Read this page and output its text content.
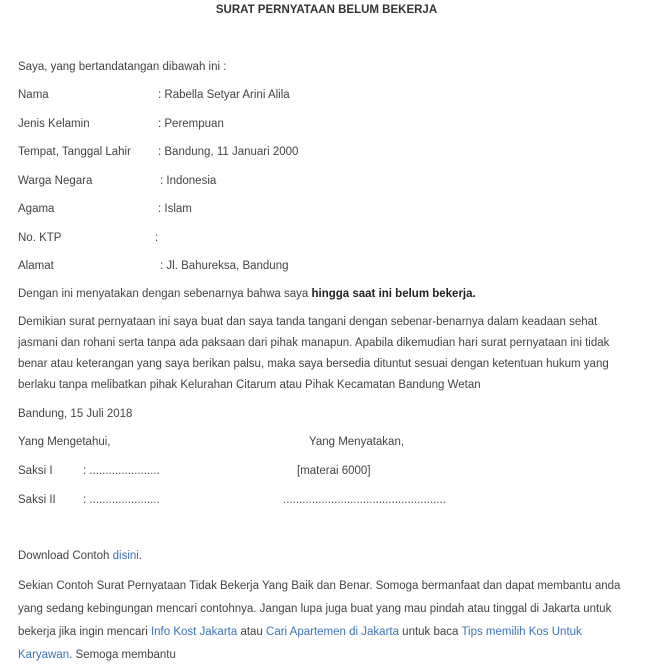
SURAT PERNYATAAN BELUM BEKERJA
Saya, yang bertandatangan dibawah ini :
Nama	: Rabella Setyar Arini Alila
Jenis Kelamin	: Perempuan
Tempat, Tanggal Lahir : Bandung, 11 Januari 2000
Warga Negara	: Indonesia
Agama	: Islam
No. KTP	:
Alamat	: Jl. Bahureksa, Bandung
Dengan ini menyatakan dengan sebenarnya bahwa saya hingga saat ini belum bekerja.
Demikian surat pernyataan ini saya buat dan saya tanda tangani dengan sebenar-benarnya dalam keadaan sehat jasmani dan rohani serta tanpa ada paksaan dari pihak manapun. Apabila dikemudian hari surat pernyataan ini tidak benar atau keterangan yang saya berikan palsu, maka saya bersedia dituntut sesuai dengan ketentuan hukum yang berlaku tanpa melibatkan pihak Kelurahan Citarum atau Pihak Kecamatan Bandung Wetan
Bandung, 15 Juli 2018
Yang Mengetahui,	Yang Menyatakan,
Saksi I	: ......................	[materai 6000]
Saksi II : ......................	...................................................
Download Contoh disini.
Sekian Contoh Surat Pernyataan Tidak Bekerja Yang Baik dan Benar. Somoga bermanfaat dan dapat membantu anda yang sedang kebingungan mencari contohnya. Jangan lupa juga buat yang mau pindah atau tinggal di Jakarta untuk bekerja jika ingin mencari Info Kost Jakarta atau Cari Apartemen di Jakarta untuk baca Tips memilih Kos Untuk Karyawan. Semoga membantu
